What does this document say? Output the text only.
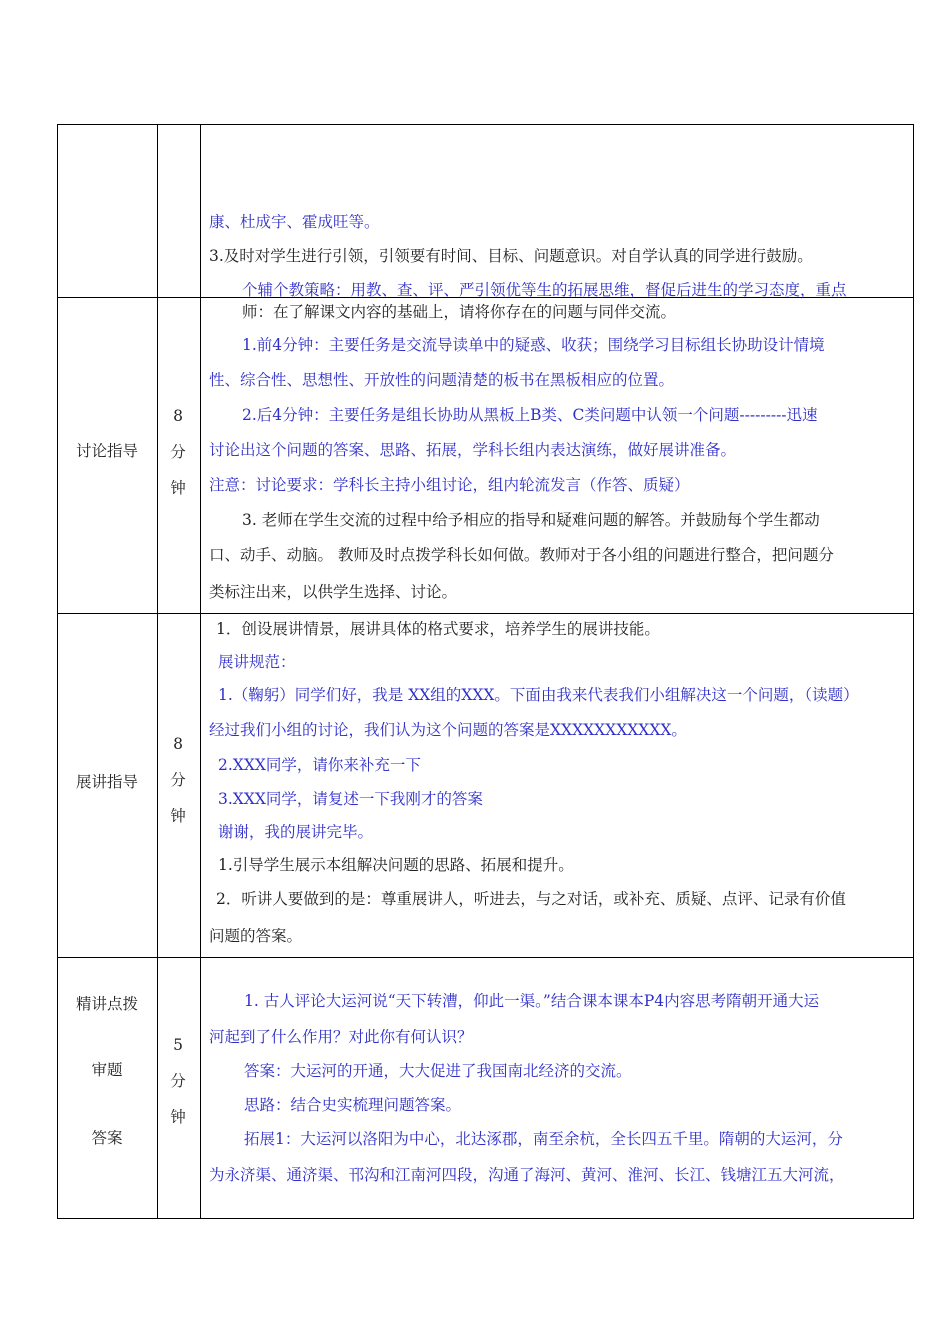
康、杜成宇、霍成旺等。
3.及时对学生进行引领，引领要有时间、目标、问题意识。对自学认真的同学进行鼓励。
个辅个教策略：用教、查、评、严引领优等生的拓展思维，督促后进生的学习态度，重点
讨论指导
8
分
钟
师：在了解课文内容的基础上，请将你存在的问题与同伴交流。
1.前4分钟：主要任务是交流导读单中的疑惑、收获；围绕学习目标组长协助设计情境
性、综合性、思想性、开放性的问题清楚的板书在黑板相应的位置。
2.后4分钟：主要任务是组长协助从黑板上B类、C类问题中认领一个问题---------迅速
讨论出这个问题的答案、思路、拓展，学科长组内表达演练，做好展讲准备。
注意：讨论要求：学科长主持小组讨论，组内轮流发言（作答、质疑）
3. 老师在学生交流的过程中给予相应的指导和疑难问题的解答。并鼓励每个学生都动
口、动手、动脑。 教师及时点拨学科长如何做。教师对于各小组的问题进行整合，把问题分
类标注出来，以供学生选择、讨论。
展讲指导
8
分
钟
1．创设展讲情景，展讲具体的格式要求，培养学生的展讲技能。
展讲规范：
1.（鞠躬）同学们好，我是 XX组的XXX。下面由我来代表我们小组解决这一个问题，（读题）
经过我们小组的讨论，我们认为这个问题的答案是XXXXXXXXXXX。
2.XXX同学，请你来补充一下
3.XXX同学，请复述一下我刚才的答案
谢谢，我的展讲完毕。
1.引导学生展示本组解决问题的思路、拓展和提升。
2．听讲人要做到的是：尊重展讲人，听进去，与之对话，或补充、质疑、点评、记录有价值
问题的答案。
精讲点拨
审题
答案
5
分
钟
1. 古人评论大运河说“天下转漕，仰此一渠。”结合课本课本P4内容思考隋朝开通大运
河起到了什么作用？对此你有何认识？
答案：大运河的开通，大大促进了我国南北经济的交流。
思路：结合史实梳理问题答案。
拓展1：大运河以洛阳为中心，北达涿郡，南至余杭，全长四五千里。隋朝的大运河，分
为永济渠、通济渠、邗沟和江南河四段，沟通了海河、黄河、淮河、长江、钱塘江五大河流，
